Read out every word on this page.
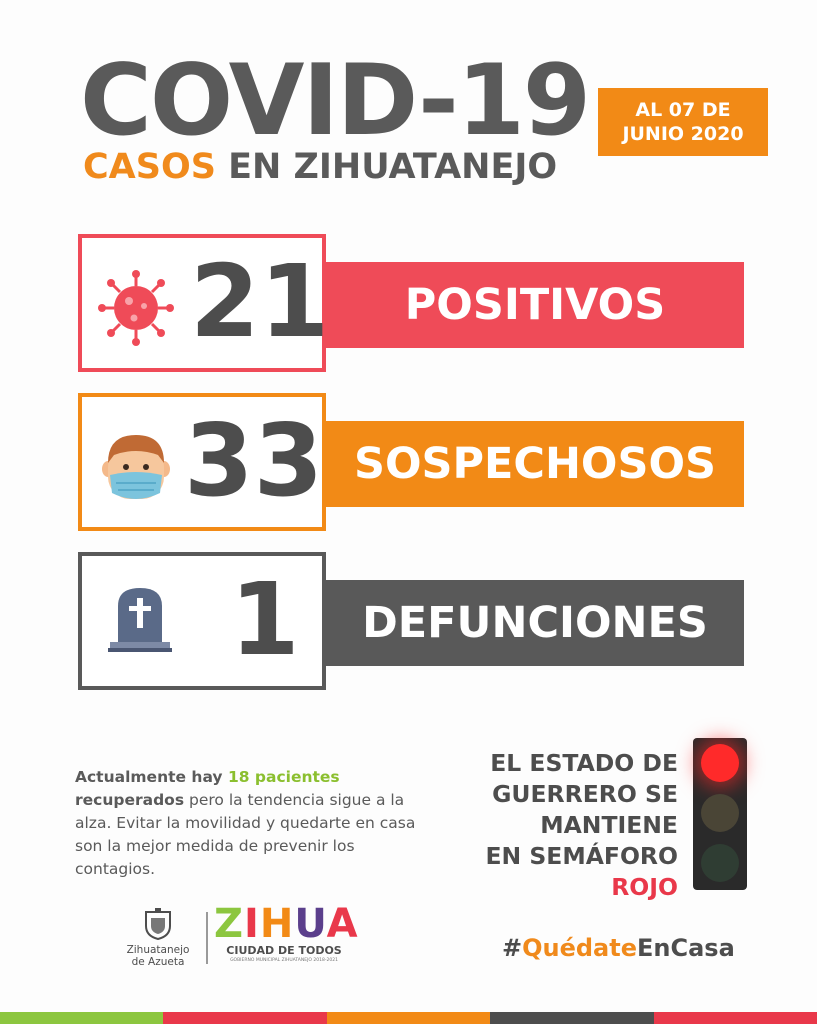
COVID-19
CASOS EN ZIHUATANEJO
AL 07 DE
JUNIO 2020
POSITIVOS
21
SOSPECHOSOS
33
DEFUNCIONES
1
Actualmente hay 18 pacientes recuperados pero la tendencia sigue a la alza. Evitar la movilidad y quedarte en casa son la mejor medida de prevenir los contagios.
EL ESTADO DE
GUERRERO SE
MANTIENE
EN SEMÁFORO
ROJO
Zihuatanejo
de Azueta
ZIHUA
CIUDAD DE TODOS
GOBIERNO MUNICIPAL ZIHUATANEJO 2018-2021	#QuédateEnCasa
